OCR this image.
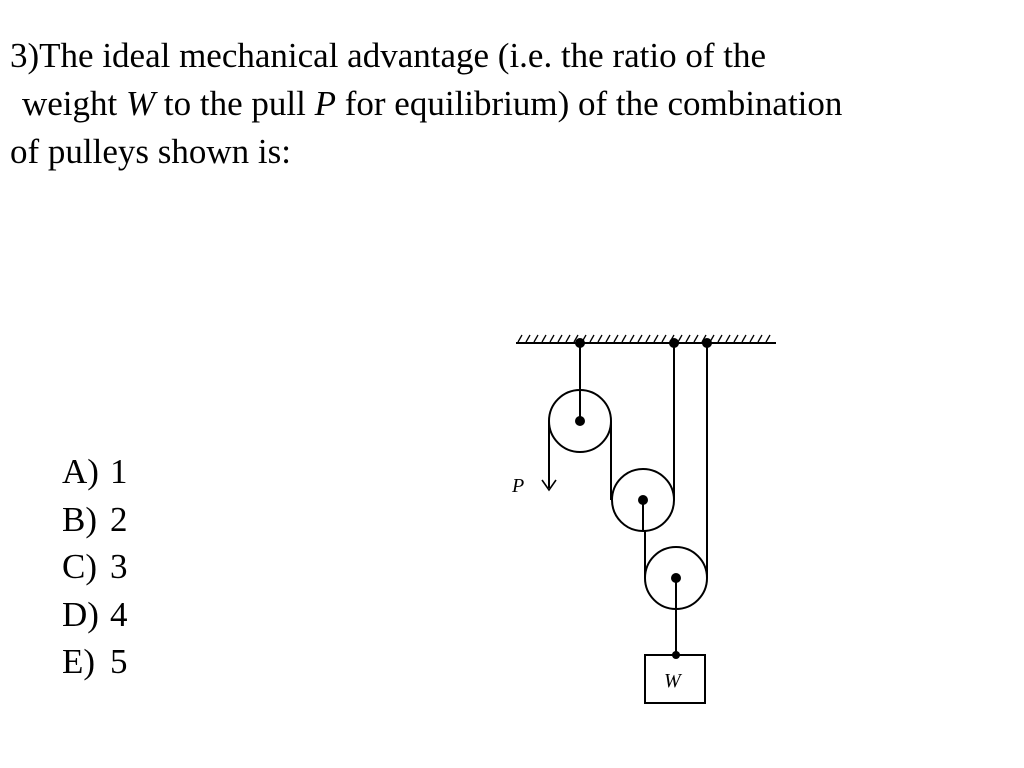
3)The ideal mechanical advantage (i.e. the ratio of the
weight W to the pull P for equilibrium) of the combination
of pulleys shown is:

A) 1
B) 2
C) 3
D) 4
E) 5
P
W
